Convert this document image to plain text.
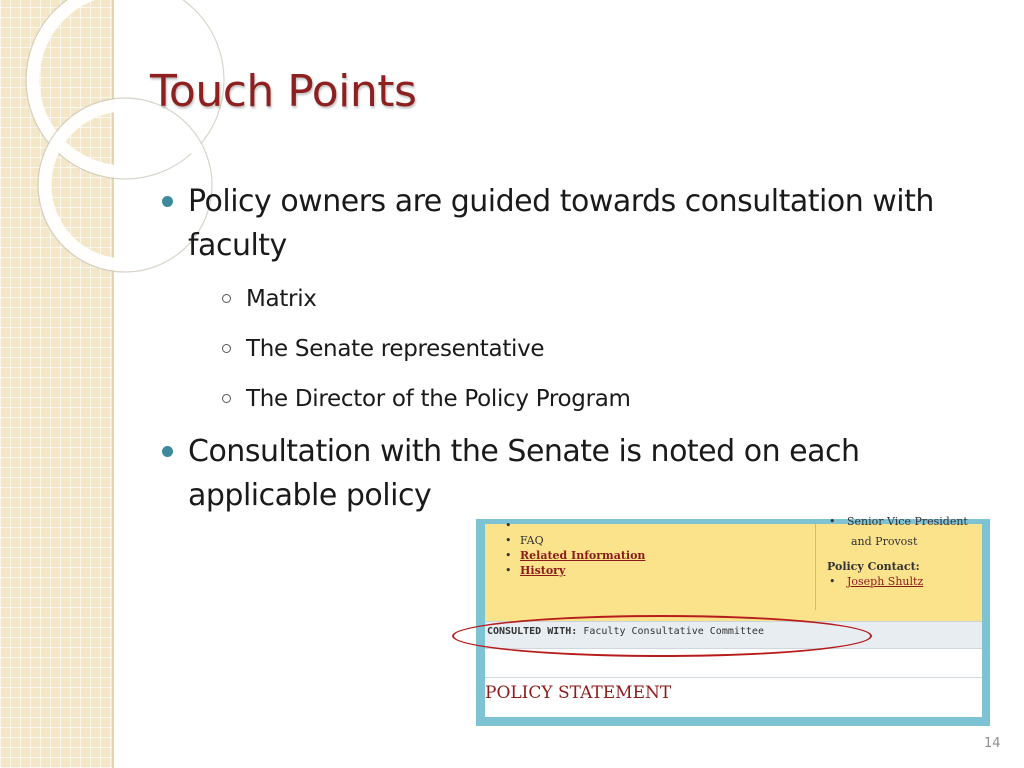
Touch Points
Policy owners are guided towards consultation with faculty
Matrix
The Senate representative
The Director of the Policy Program
Consultation with the Senate is noted on each applicable policy
•
• FAQ
• Related Information
• History
• Senior Vice President
and Provost
Policy Contact:
• Joseph Shultz
CONSULTED WITH: Faculty Consultative Committee
POLICY STATEMENT
14
